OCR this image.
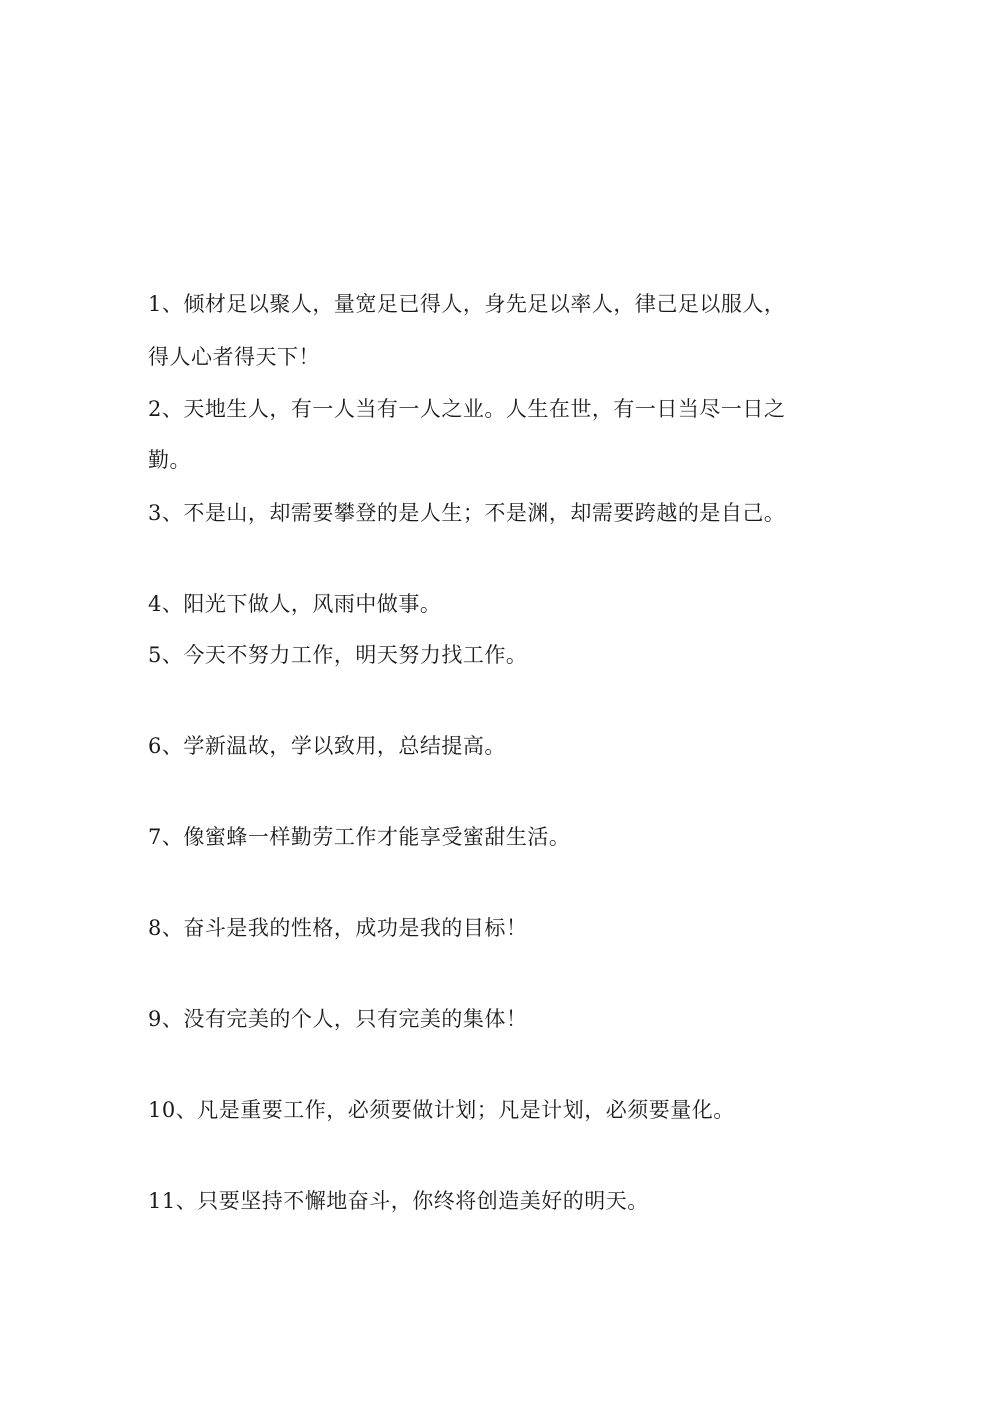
1、倾材足以聚人，量宽足已得人，身先足以率人，律己足以服人，

得人心者得天下！

2、天地生人，有一人当有一人之业。人生在世，有一日当尽一日之

勤。

3、不是山，却需要攀登的是人生；不是渊，却需要跨越的是自己。

4、阳光下做人，风雨中做事。

5、今天不努力工作，明天努力找工作。

6、学新温故，学以致用，总结提高。

7、像蜜蜂一样勤劳工作才能享受蜜甜生活。

8、奋斗是我的性格，成功是我的目标！

9、没有完美的个人，只有完美的集体！

10、凡是重要工作，必须要做计划；凡是计划，必须要量化。

11、只要坚持不懈地奋斗，你终将创造美好的明天。
